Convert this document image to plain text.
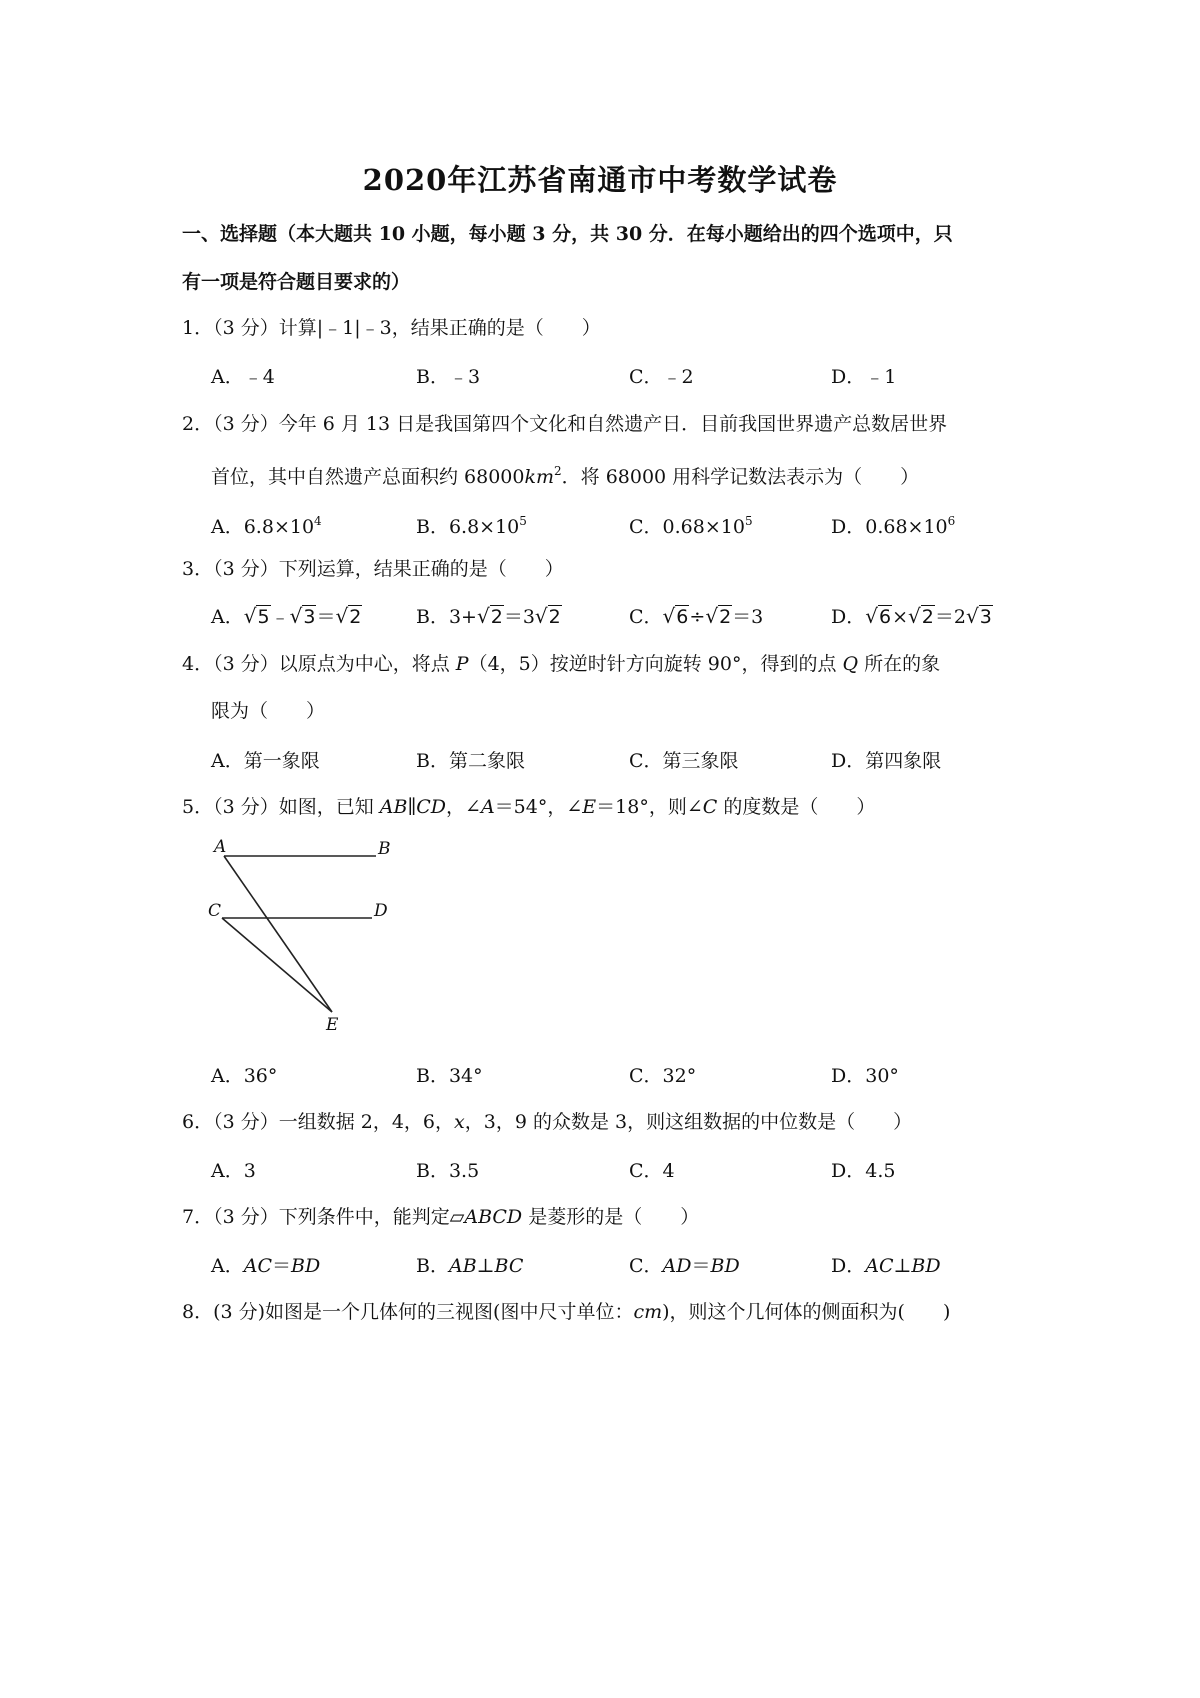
2020年江苏省南通市中考数学试卷
一、选择题（本大题共 10 小题，每小题 3 分，共 30 分．在每小题给出的四个选项中，只
有一项是符合题目要求的）
1．（3 分）计算|﹣1|﹣3，结果正确的是（　　）
A．﹣4	B．﹣3	C．﹣2	D．﹣1
2．（3 分）今年 6 月 13 日是我国第四个文化和自然遗产日．目前我国世界遗产总数居世界
首位，其中自然遗产总面积约 $68000km^2$．将 68000 用科学记数法表示为（　　）
A．$6.8\times 10^4$	B．$6.8\times 10^5$	C．$0.68\times 10^5$	D．$0.68\times 10^6$
3．（3 分）下列运算，结果正确的是（　　）
A．√5﹣√3＝√2	B．3+√2＝3√2	C．√6÷√2＝3	D．√6×√2＝2√3
4．（3 分）以原点为中心，将点 P（4，5）按逆时针方向旋转 90°，得到的点 Q 所在的象
限为（　　）
A．第一象限	B．第二象限	C．第三象限	D．第四象限
5．（3 分）如图，已知 AB∥CD，∠A＝54°，∠E＝18°，则∠C 的度数是（　　）
A	B
C	D
E
A．36°	B．34°	C．32°	D．30°
6．（3 分）一组数据 2，4，6，x，3，9 的众数是 3，则这组数据的中位数是（　　）
A．3	B．3.5	C．4	D．4.5
7．（3 分）下列条件中，能判定▱ABCD 是菱形的是（　　）
A．AC＝BD	B．AB⊥BC	C．AD＝BD	D．AC⊥BD
8．(3 分)如图是一个几体何的三视图(图中尺寸单位：cm)，则这个几何体的侧面积为(　　)
